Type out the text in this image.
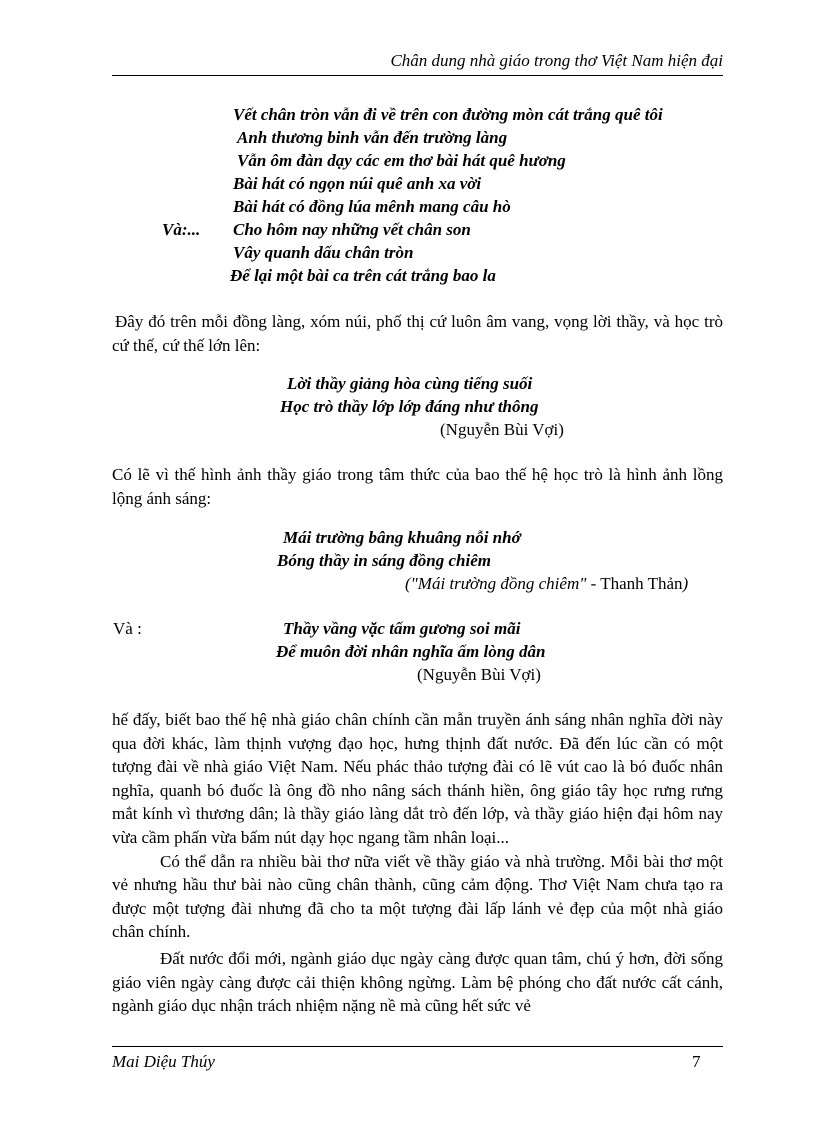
Chân dung nhà giáo trong thơ Việt Nam hiện đại
Vết chân tròn vẫn đi về trên con đường mòn cát trắng quê tôi
Anh thương binh vẫn đến trường làng
Vẫn ôm đàn dạy các em thơ bài hát quê hương
Bài hát có ngọn núi quê anh xa vời
Bài hát có đồng lúa mênh mang câu hò
Và:... Cho hôm nay những vết chân son
Vây quanh dấu chân tròn
Để lại một bài ca trên cát trắng bao la

Đây đó trên mỗi đồng làng, xóm núi, phố thị cứ luôn âm vang, vọng lời thầy, và học trò cứ thế, cứ thế lớn lên:

Lời thầy giảng hòa cùng tiếng suối
Học trò thầy lớp lớp đáng như thông
(Nguyễn Bùi Vợi)

Có lẽ vì thế hình ảnh thầy giáo trong tâm thức của bao thế hệ học trò là hình ảnh lồng lộng ánh sáng:

Mái trường bâng khuâng nỗi nhớ
Bóng thầy in sáng đồng chiêm
("Mái trường đồng chiêm" - Thanh Thản)
Và :	Thầy vầng vặc tấm gương soi mãi
Để muôn đời nhân nghĩa ấm lòng dân
(Nguyễn Bùi Vợi)

hế đấy, biết bao thế hệ nhà giáo chân chính cần mẫn truyền ánh sáng nhân nghĩa đời này qua đời khác, làm thịnh vượng đạo học, hưng thịnh đất nước. Đã đến lúc cần có một tượng đài về nhà giáo Việt Nam. Nếu phác thảo tượng đài có lẽ vút cao là bó đuốc nhân nghĩa, quanh bó đuốc là ông đồ nho nâng sách thánh hiền, ông giáo tây học rưng rưng mắt kính vì thương dân; là thầy giáo làng dắt trò đến lớp, và thầy giáo hiện đại hôm nay vừa cầm phấn vừa bấm nút dạy học ngang tầm nhân loại...

Có thể dẫn ra nhiều bài thơ nữa viết về thầy giáo và nhà trường. Mỗi bài thơ một vẻ nhưng hầu thư bài nào cũng chân thành, cũng cảm động. Thơ Việt Nam chưa tạo ra được một tượng đài nhưng đã cho ta một tượng đài lấp lánh vẻ đẹp của một nhà giáo chân chính.

Đất nước đổi mới, ngành giáo dục ngày càng được quan tâm, chú ý hơn, đời sống giáo viên ngày càng được cải thiện không ngừng. Làm bệ phóng cho đất nước cất cánh, ngành giáo dục nhận trách nhiệm nặng nề mà cũng hết sức vẻ

Mai Diệu Thúy	7
